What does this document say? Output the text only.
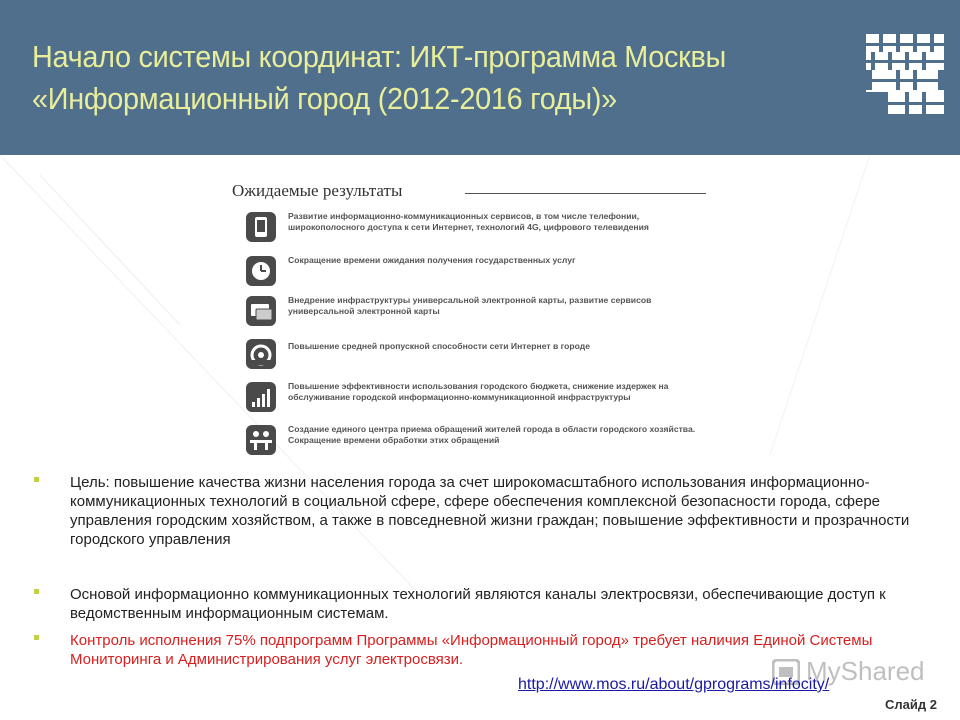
Начало системы координат: ИКТ-программа Москвы
«Информационный город (2012-2016 годы)»
Ожидаемые результаты
Развитие информационно-коммуникационных сервисов, в том числе телефонии, широкополосного доступа к сети Интернет, технологий 4G, цифрового телевидения
Сокращение времени ожидания получения государственных услуг
Внедрение инфраструктуры универсальной электронной карты, развитие сервисов универсальной электронной карты
Повышение средней пропускной способности сети Интернет в городе
Повышение эффективности использования городского бюджета, снижение издержек на обслуживание городской информационно-коммуникационной инфраструктуры
Создание единого центра приема обращений жителей города в области городского хозяйства. Сокращение времени обработки этих обращений
Цель: повышение качества жизни населения города за счет широкомасштабного использования информационно-коммуникационных технологий в социальной сфере, сфере обеспечения комплексной безопасности города, сфере управления городским хозяйством, а также в повседневной жизни граждан; повышение эффективности и прозрачности городского управления
Основой информационно коммуникационных технологий являются каналы электросвязи, обеспечивающие доступ к ведомственным информационным системам.
Контроль исполнения 75% подпрограмм Программы «Информационный город» требует наличия Единой Системы Мониторинга и Администрирования услуг электросвязи.	MyShared
http://www.mos.ru/about/gprograms/infocity/
Слайд 2
